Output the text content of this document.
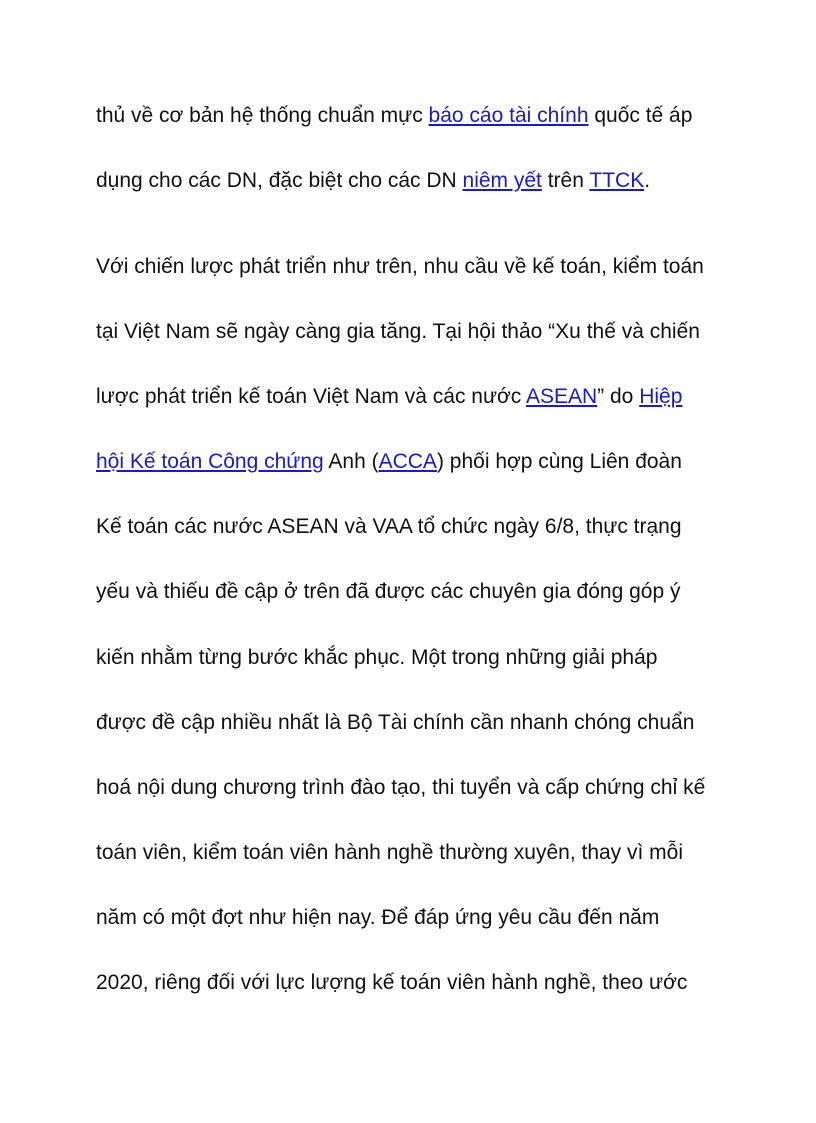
thủ về cơ bản hệ thống chuẩn mực báo cáo tài chính quốc tế áp
dụng cho các DN, đặc biệt cho các DN niêm yết trên TTCK.
Với chiến lược phát triển như trên, nhu cầu về kế toán, kiểm toán
tại Việt Nam sẽ ngày càng gia tăng. Tại hội thảo “Xu thế và chiến
lược phát triển kế toán Việt Nam và các nước ASEAN” do Hiệp
hội Kế toán Công chứng Anh (ACCA) phối hợp cùng Liên đoàn
Kế toán các nước ASEAN và VAA tổ chức ngày 6/8, thực trạng
yếu và thiếu đề cập ở trên đã được các chuyên gia đóng góp ý
kiến nhằm từng bước khắc phục. Một trong những giải pháp
được đề cập nhiều nhất là Bộ Tài chính cần nhanh chóng chuẩn
hoá nội dung chương trình đào tạo, thi tuyển và cấp chứng chỉ kế
toán viên, kiểm toán viên hành nghề thường xuyên, thay vì mỗi
năm có một đợt như hiện nay. Để đáp ứng yêu cầu đến năm
2020, riêng đối với lực lượng kế toán viên hành nghề, theo ước
